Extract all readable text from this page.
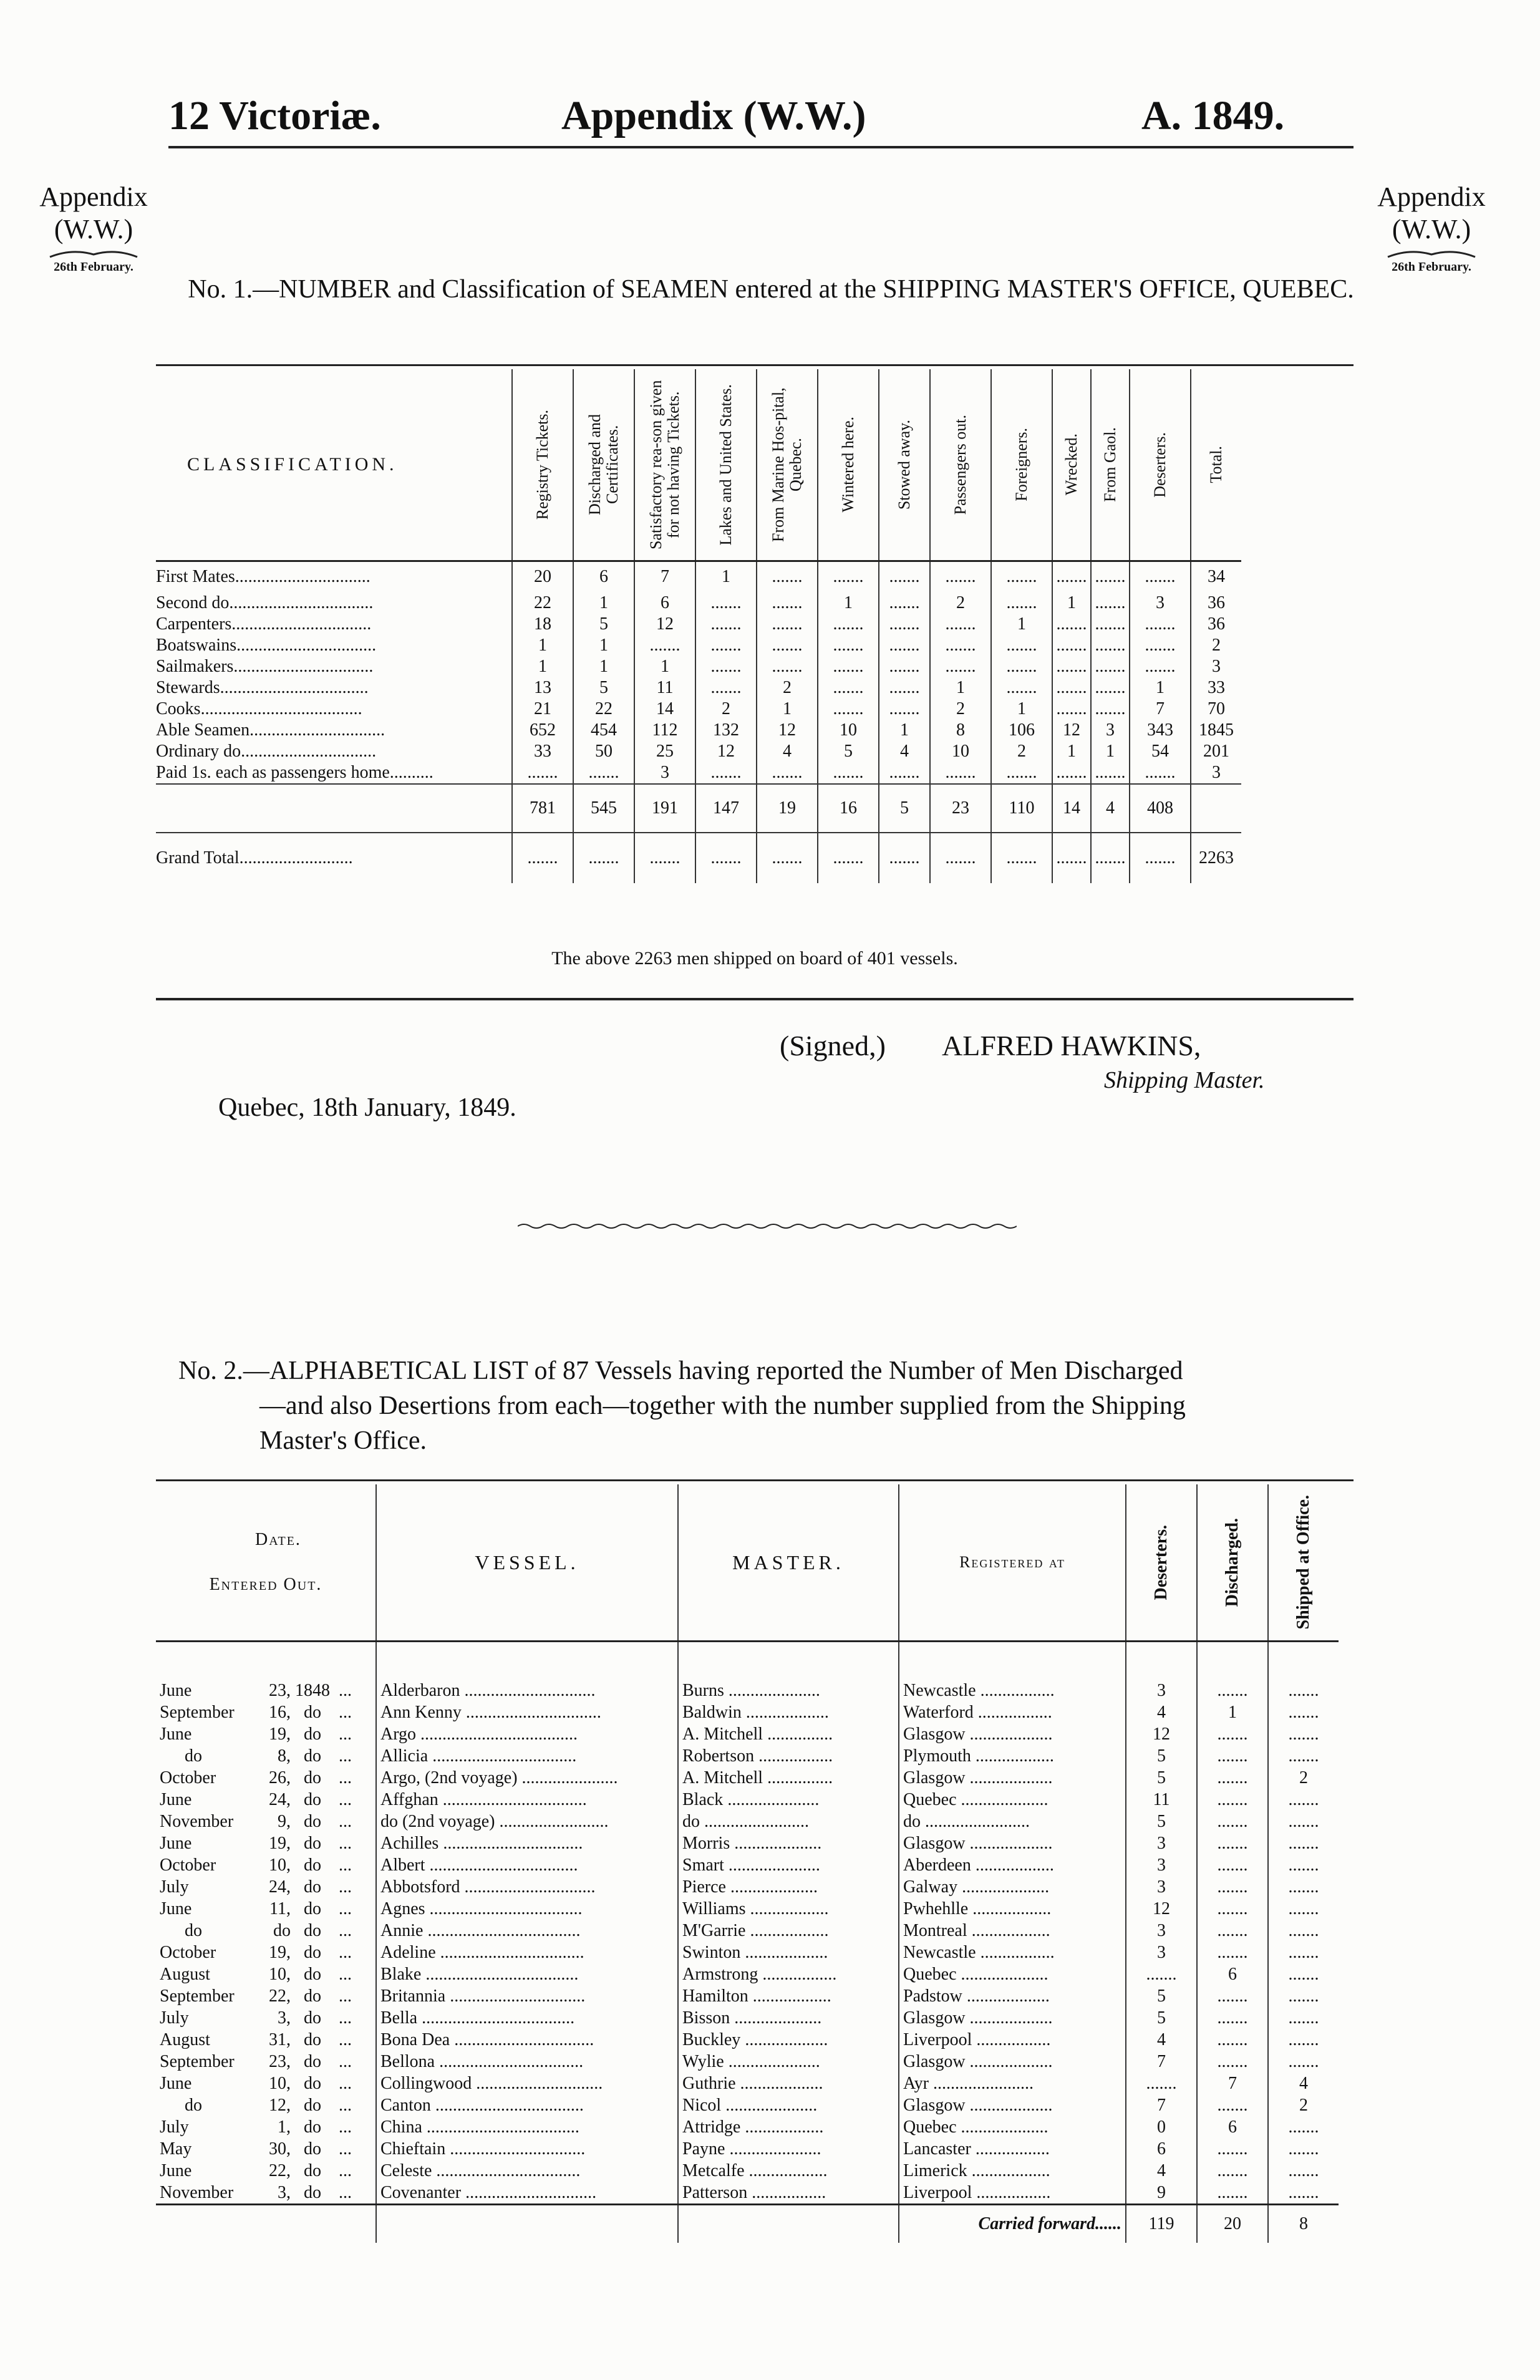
12 Victoriæ.	Appendix (W.W.)	A. 1849.
Appendix
(W.W.)
26th February.
Appendix
(W.W.)
26th February.
No. 1.—NUMBER and Classification of SEAMEN entered at the SHIPPING MASTER'S OFFICE, QUEBEC.
CLASSIFICATION.	Registry Tickets.	Discharged and Certificates.	Satisfactory rea-son given for not having Tickets.	Lakes and United States.	From Marine Hos-pital, Quebec.	Wintered here.	Stowed away.	Passengers out.	Foreigners.	Wrecked.	From Gaol.	Deserters.	Total.

First Mates...............................	20	6	7	1	.......	.......	.......	.......	.......	.......	.......	.......	34
Second do.................................	22	1	6	.......	.......	1	.......	2	.......	1	.......	3	36
Carpenters................................	18	5	12	.......	.......	.......	.......	.......	1	.......	.......	.......	36
Boatswains................................	1	1	.......	.......	.......	.......	.......	.......	.......	.......	.......	.......	2
Sailmakers................................	1	1	1	.......	.......	.......	.......	.......	.......	.......	.......	.......	3
Stewards..................................	13	5	11	.......	2	.......	.......	1	.......	.......	.......	1	33
Cooks.....................................	21	22	14	2	1	.......	.......	2	1	.......	.......	7	70
Able Seamen...............................	652	454	112	132	12	10	1	8	106	12	3	343	1845
Ordinary do...............................	33	50	25	12	4	5	4	10	2	1	1	54	201
Paid 1s. each as passengers home..........	.......	.......	3	.......	.......	.......	.......	.......	.......	.......	.......	.......	3
	781	545	191	147	19	16	5	23	110	14	4	408	
Grand Total..........................	.......	.......	.......	.......	.......	.......	.......	.......	.......	.......	.......	.......	2263
The above 2263 men shipped on board of 401 vessels.
(Signed,) ALFRED HAWKINS,
Shipping Master.
Quebec, 18th January, 1849.
No. 2.—ALPHABETICAL LIST of 87 Vessels having reported the Number of Men Discharged
—and also Desertions from each—together with the number supplied from the Shipping
Master's Office.
Date.
Entered Out.	VESSEL.	MASTER.	Registered at	Deserters.	Discharged.	Shipped at Office.

June 23, 1848 ...	Alderbaron ..............................	Burns .....................	Newcastle .................	3	.......	.......
September 16, do ...	Ann Kenny ...............................	Baldwin ...................	Waterford .................	4	1	.......
June 19, do ...	Argo ....................................	A. Mitchell ...............	Glasgow ...................	12	.......	.......
do 8, do ...	Allicia .................................	Robertson .................	Plymouth ..................	5	.......	.......
October 26, do ...	Argo, (2nd voyage) ......................	A. Mitchell ...............	Glasgow ...................	5	.......	2
June 24, do ...	Affghan .................................	Black .....................	Quebec ....................	11	.......	.......
November 9, do ...	do (2nd voyage) .........................	do ........................	do ........................	5	.......	.......
June 19, do ...	Achilles ................................	Morris ....................	Glasgow ...................	3	.......	.......
October 10, do ...	Albert ..................................	Smart .....................	Aberdeen ..................	3	.......	.......
July 24, do ...	Abbotsford ..............................	Pierce ....................	Galway ....................	3	.......	.......
June 11, do ...	Agnes ...................................	Williams ..................	Pwhehlle ..................	12	.......	.......
do do do ...	Annie ...................................	M'Garrie ..................	Montreal ..................	3	.......	.......
October 19, do ...	Adeline .................................	Swinton ...................	Newcastle .................	3	.......	.......
August 10, do ...	Blake ...................................	Armstrong .................	Quebec ....................	.......	6	.......
September 22, do ...	Britannia ...............................	Hamilton ..................	Padstow ...................	5	.......	.......
July 3, do ...	Bella ...................................	Bisson ....................	Glasgow ...................	5	.......	.......
August 31, do ...	Bona Dea ................................	Buckley ...................	Liverpool .................	4	.......	.......
September 23, do ...	Bellona .................................	Wylie .....................	Glasgow ...................	7	.......	.......
June 10, do ...	Collingwood .............................	Guthrie ...................	Ayr .......................	.......	7	4
do 12, do ...	Canton ..................................	Nicol .....................	Glasgow ...................	7	.......	2
July 1, do ...	China ...................................	Attridge ..................	Quebec ....................	0	6	.......
May 30, do ...	Chieftain ...............................	Payne .....................	Lancaster .................	6	.......	.......
June 22, do ...	Celeste .................................	Metcalfe ..................	Limerick ..................	4	.......	.......
November 3, do ...	Covenanter ..............................	Patterson .................	Liverpool .................	9	.......	.......
			Carried forward......	119	20	8
